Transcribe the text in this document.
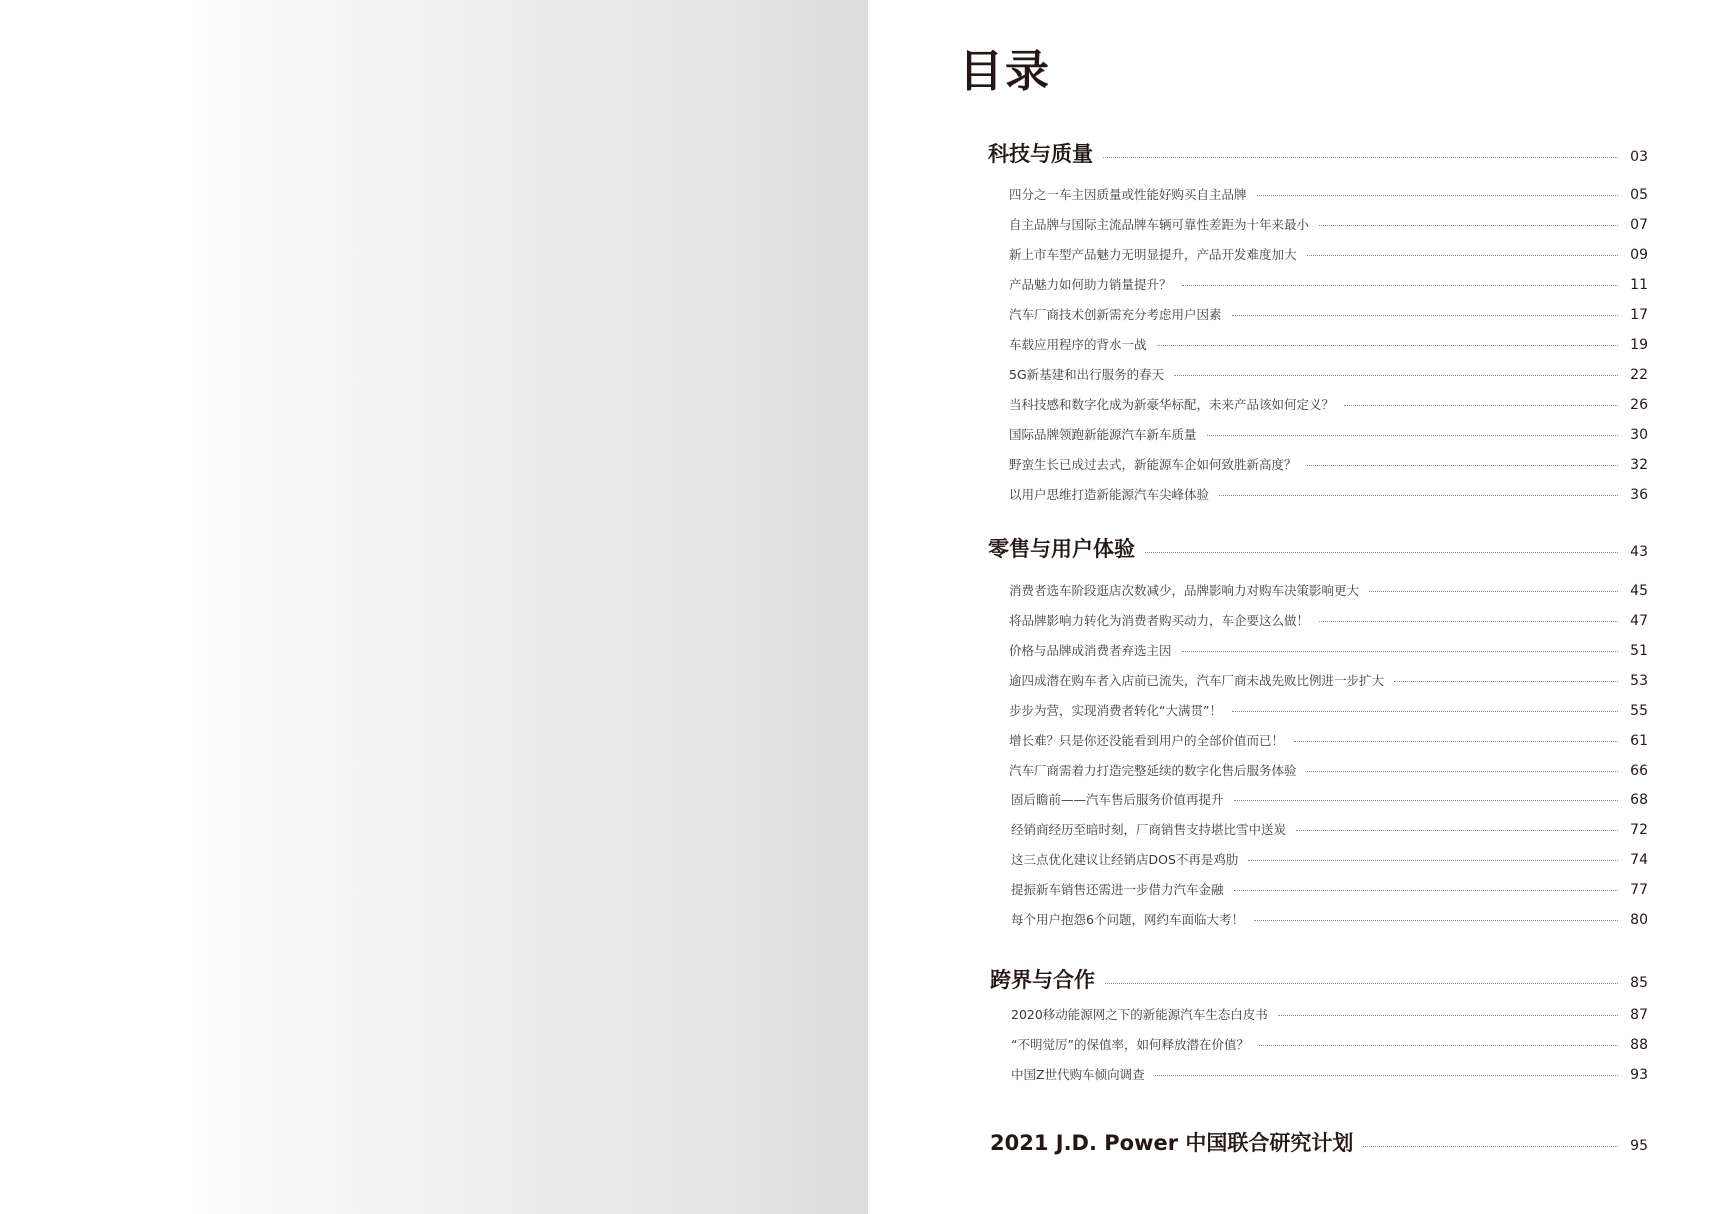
目录
科技与质量	03
四分之一车主因质量或性能好购买自主品牌	05
自主品牌与国际主流品牌车辆可靠性差距为十年来最小	07
新上市车型产品魅力无明显提升，产品开发难度加大	09
产品魅力如何助力销量提升？	11
汽车厂商技术创新需充分考虑用户因素	17
车载应用程序的背水一战	19
5G新基建和出行服务的春天	22
当科技感和数字化成为新豪华标配，未来产品该如何定义？	26
国际品牌领跑新能源汽车新车质量	30
野蛮生长已成过去式，新能源车企如何致胜新高度？	32
以用户思维打造新能源汽车尖峰体验	36
零售与用户体验	43
消费者选车阶段逛店次数减少，品牌影响力对购车决策影响更大	45
将品牌影响力转化为消费者购买动力，车企要这么做！	47
价格与品牌成消费者弃选主因	51
逾四成潜在购车者入店前已流失，汽车厂商未战先败比例进一步扩大	53
步步为营，实现消费者转化“大满贯”！	55
增长难？只是你还没能看到用户的全部价值而已！	61
汽车厂商需着力打造完整延续的数字化售后服务体验	66
固后瞻前——汽车售后服务价值再提升	68
经销商经历至暗时刻，厂商销售支持堪比雪中送炭	72
这三点优化建议让经销店DOS不再是鸡肋	74
提振新车销售还需进一步借力汽车金融	77
每个用户抱怨6个问题，网约车面临大考！	80
跨界与合作	85
2020移动能源网之下的新能源汽车生态白皮书	87
“不明觉厉”的保值率，如何释放潜在价值？	88
中国Z世代购车倾向调查	93
2021 J.D. Power 中国联合研究计划	95
